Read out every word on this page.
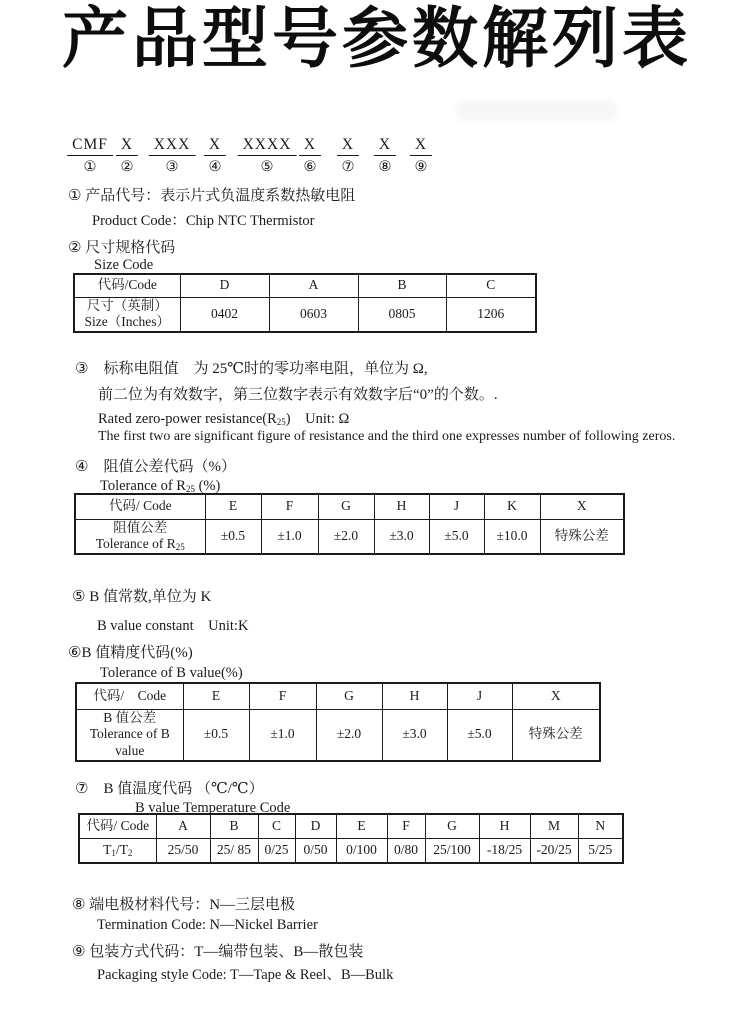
产品型号参数解列表
CMF X	XXX	X	XXXX X	X	X	X
① ② ③ ④	⑤ ⑥ ⑦ ⑧ ⑨
① 产品代号：表示片式负温度系数热敏电阻
Product Code：Chip NTC Thermistor
② 尺寸规格代码
Size Code
代码/Code	D	A	B	C

尺寸（英制）
Size（Inches）	0402	0603	0805	1206
③　标称电阻值　为 25℃时的零功率电阻，单位为 Ω,
前二位为有效数字，第三位数字表示有效数字后“0”的个数。.
Rated zero-power $resistance(R_{25})$　Unit: Ω
The first two are significant figure of resistance and the third one expresses number of following zeros.
④　阻值公差代码（%）
Tolerance of $R_{25}$ (%)
代码/ Code	E	F	G	H	J	K	X

阻值公差
Tolerance of $R_{25}$	±0.5	±1.0	±2.0	±3.0	±5.0	±10.0	特殊公差
⑤ B 值常数,单位为 K
B value constant　Unit:K
⑥B 值精度代码(%)
Tolerance of B value(%)
代码/　Code	E	F	G	H	J	X

B 值公差
Tolerance of B
value	±0.5	±1.0	±2.0	±3.0	±5.0	特殊公差
⑦　B 值温度代码 （℃/℃）
B value Temperature Code
代码/ Code	A	B	C	D	E	F	G	H	M	N
$T_1/T_2$	25/50	25/ 85	0/25	0/50	0/100	0/80	25/100	-18/25	-20/25	5/25
⑧ 端电极材料代号：N—三层电极
Termination Code: N—Nickel Barrier
⑨ 包装方式代码：T—编带包装、B—散包装
Packaging style Code: T—Tape & Reel、B—Bulk
